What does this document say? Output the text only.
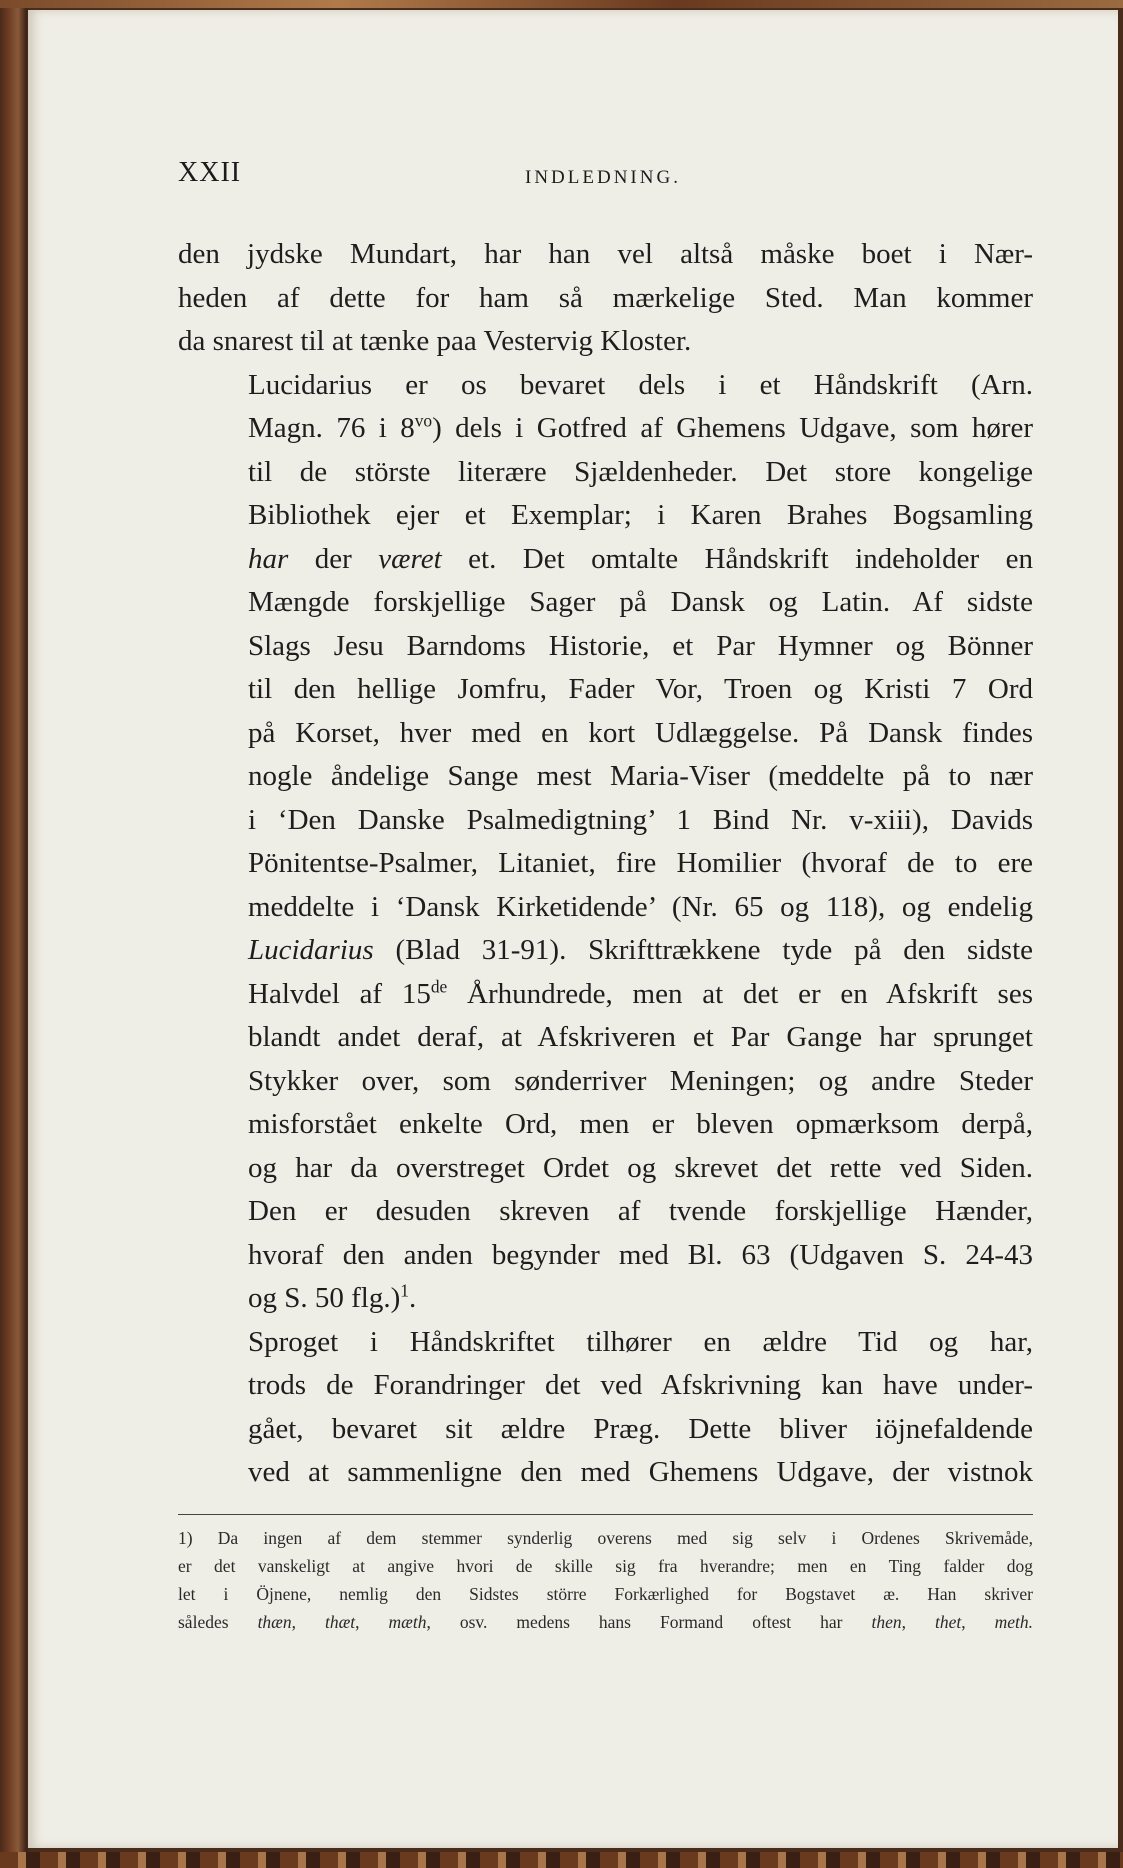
XXII	INDLEDNING.

den jydske Mundart, har han vel altså måske boet i Nær-
heden af dette for ham så mærkelige Sted. Man kommer
da snarest til at tænke paa Vestervig Kloster.

Lucidarius er os bevaret dels i et Håndskrift (Arn.
Magn. 76 i $8^{vo}$) dels i Gotfred af Ghemens Udgave, som hører
til de störste literære Sjældenheder. Det store kongelige
Bibliothek ejer et Exemplar; i Karen Brahes Bogsamling
har der været et. Det omtalte Håndskrift indeholder en
Mængde forskjellige Sager på Dansk og Latin. Af sidste
Slags Jesu Barndoms Historie, et Par Hymner og Bönner
til den hellige Jomfru, Fader Vor, Troen og Kristi 7 Ord
på Korset, hver med en kort Udlæggelse. På Dansk findes
nogle åndelige Sange mest Maria-Viser (meddelte på to nær
i ‘Den Danske Psalmedigtning’ 1 Bind Nr. v-xiii), Davids
Pönitentse-Psalmer, Litaniet, fire Homilier (hvoraf de to ere
meddelte i ‘Dansk Kirketidende’ (Nr. 65 og 118), og endelig
Lucidarius (Blad 31-91). Skrifttrækkene tyde på den sidste
Halvdel af 15de Århundrede, men at det er en Afskrift ses
blandt andet deraf, at Afskriveren et Par Gange har sprunget
Stykker over, som sønderriver Meningen; og andre Steder
misforstået enkelte Ord, men er bleven opmærksom derpå,
og har da overstreget Ordet og skrevet det rette ved Siden.
Den er desuden skreven af tvende forskjellige Hænder,
hvoraf den anden begynder med Bl. 63 (Udgaven S. 24-43
og S. 50 flg.)$^1$.

Sproget i Håndskriftet tilhører en ældre Tid og har,
trods de Forandringer det ved Afskrivning kan have under-
gået, bevaret sit ældre Præg. Dette bliver iöjnefaldende
ved at sammenligne den med Ghemens Udgave, der vistnok

1) Da ingen af dem stemmer synderlig overens med sig selv i Ordenes Skrivemåde,
er det vanskeligt at angive hvori de skille sig fra hverandre; men en Ting falder dog
let i Öjnene, nemlig den Sidstes större Forkærlighed for Bogstavet æ. Han skriver
således thæn, thæt, mæth, osv. medens hans Formand oftest har then, thet, meth.
